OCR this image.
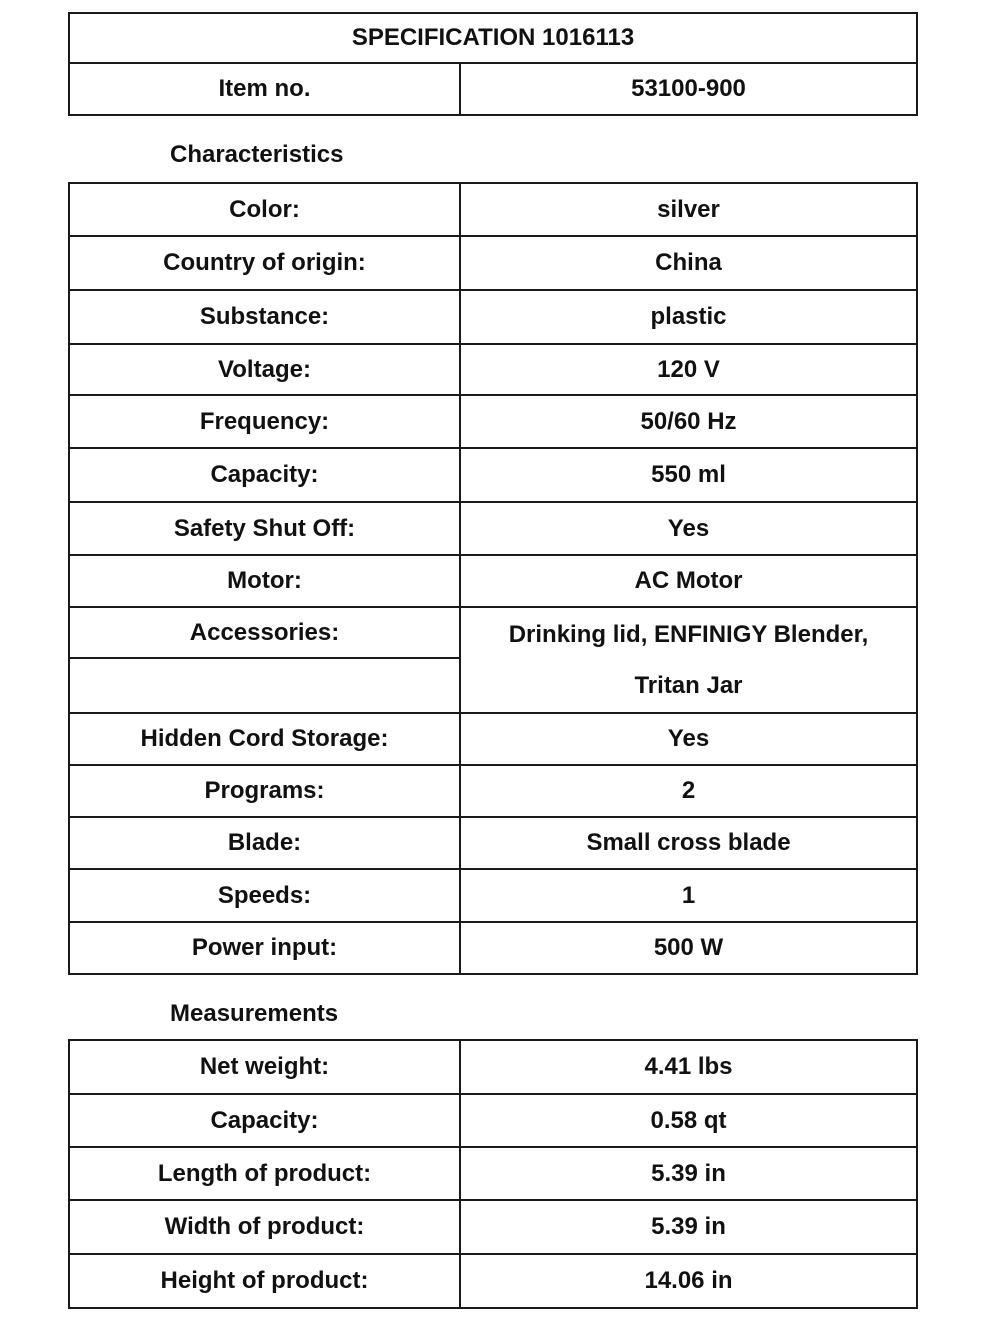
SPECIFICATION 1016113
Item no.	53100-900
Characteristics
Color:	silver
Country of origin:	China
Substance:	plastic
Voltage:	120 V
Frequency:	50/60 Hz
Capacity:	550 ml
Safety Shut Off:	Yes
Motor:	AC Motor
Accessories:	Drinking lid, ENFINIGY Blender,
Tritan Jar
Hidden Cord Storage:	Yes
Programs:	2
Blade:	Small cross blade
Speeds:	1
Power input:	500 W
Measurements
Net weight:	4.41 lbs
Capacity:	0.58 qt
Length of product:	5.39 in
Width of product:	5.39 in
Height of product:	14.06 in
